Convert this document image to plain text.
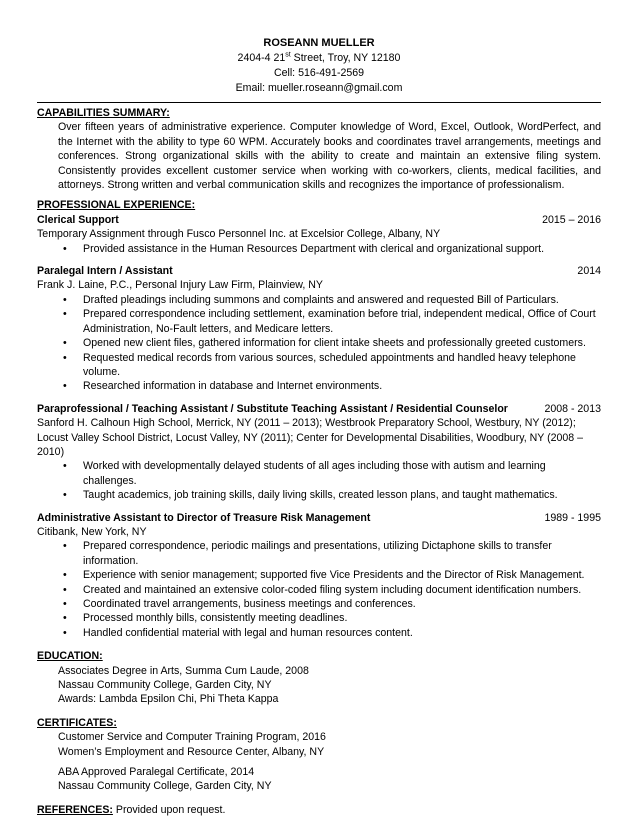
ROSEANN MUELLER
2404-4 21st Street, Troy, NY 12180
Cell: 516-491-2569
Email: mueller.roseann@gmail.com
CAPABILITIES SUMMARY:
Over fifteen years of administrative experience. Computer knowledge of Word, Excel, Outlook, WordPerfect, and the Internet with the ability to type 60 WPM. Accurately books and coordinates travel arrangements, meetings and conferences. Strong organizational skills with the ability to create and maintain an extensive filing system. Consistently provides excellent customer service when working with co-workers, clients, medical facilities, and attorneys. Strong written and verbal communication skills and recognizes the importance of professionalism.
PROFESSIONAL EXPERIENCE:
Clerical Support	2015 – 2016
Temporary Assignment through Fusco Personnel Inc. at Excelsior College, Albany, NY
• Provided assistance in the Human Resources Department with clerical and organizational support.
Paralegal Intern / Assistant	2014
Frank J. Laine, P.C., Personal Injury Law Firm, Plainview, NY
• Drafted pleadings including summons and complaints and answered and requested Bill of Particulars.
• Prepared correspondence including settlement, examination before trial, independent medical, Office of Court Administration, No-Fault letters, and Medicare letters.
• Opened new client files, gathered information for client intake sheets and professionally greeted customers.
• Requested medical records from various sources, scheduled appointments and handled heavy telephone volume.
• Researched information in database and Internet environments.
Paraprofessional / Teaching Assistant / Substitute Teaching Assistant / Residential Counselor	2008 - 2013
Sanford H. Calhoun High School, Merrick, NY (2011 – 2013); Westbrook Preparatory School, Westbury, NY (2012); Locust Valley School District, Locust Valley, NY (2011); Center for Developmental Disabilities, Woodbury, NY (2008 – 2010)
• Worked with developmentally delayed students of all ages including those with autism and learning challenges.
• Taught academics, job training skills, daily living skills, created lesson plans, and taught mathematics.
Administrative Assistant to Director of Treasure Risk Management	1989 - 1995
Citibank, New York, NY
• Prepared correspondence, periodic mailings and presentations, utilizing Dictaphone skills to transfer information.
• Experience with senior management; supported five Vice Presidents and the Director of Risk Management.
• Created and maintained an extensive color-coded filing system including document identification numbers.
• Coordinated travel arrangements, business meetings and conferences.
• Processed monthly bills, consistently meeting deadlines.
• Handled confidential material with legal and human resources content.
EDUCATION:
Associates Degree in Arts, Summa Cum Laude, 2008
Nassau Community College, Garden City, NY
Awards: Lambda Epsilon Chi, Phi Theta Kappa
CERTIFICATES:
Customer Service and Computer Training Program, 2016
Women’s Employment and Resource Center, Albany, NY
ABA Approved Paralegal Certificate, 2014
Nassau Community College, Garden City, NY
REFERENCES: Provided upon request.
